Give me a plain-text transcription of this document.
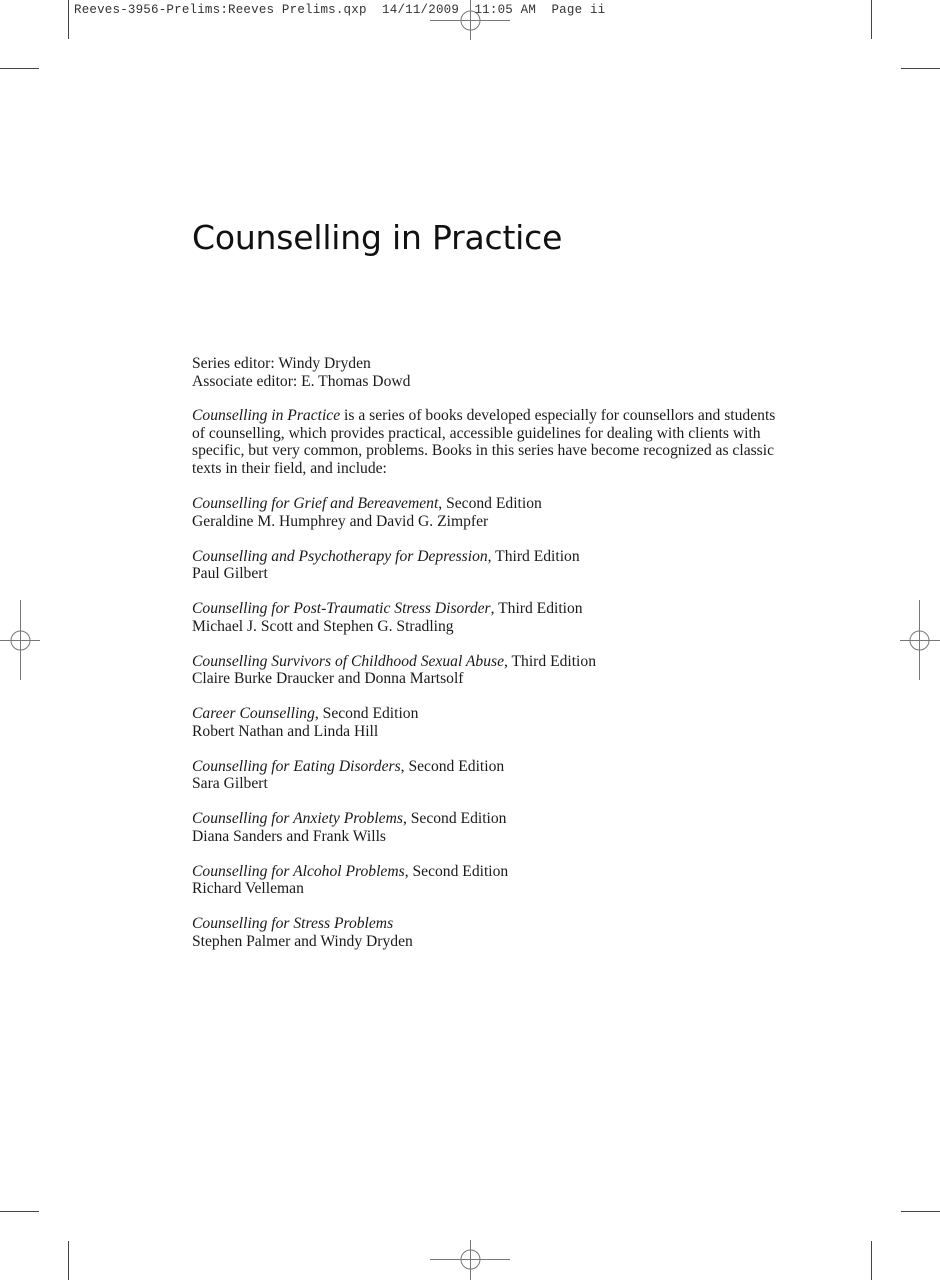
Reeves-3956-Prelims:Reeves Prelims.qxp  14/11/2009  11:05 AM  Page ii
Counselling in Practice
Series editor: Windy Dryden
Associate editor: E. Thomas Dowd

Counselling in Practice is a series of books developed especially for counsellors and students of counselling, which provides practical, accessible guidelines for dealing with clients with specific, but very common, problems. Books in this series have become recognized as classic texts in their field, and include:

Counselling for Grief and Bereavement, Second Edition
Geraldine M. Humphrey and David G. Zimpfer
Counselling and Psychotherapy for Depression, Third Edition
Paul Gilbert
Counselling for Post-Traumatic Stress Disorder, Third Edition
Michael J. Scott and Stephen G. Stradling
Counselling Survivors of Childhood Sexual Abuse, Third Edition
Claire Burke Draucker and Donna Martsolf
Career Counselling, Second Edition
Robert Nathan and Linda Hill
Counselling for Eating Disorders, Second Edition
Sara Gilbert
Counselling for Anxiety Problems, Second Edition
Diana Sanders and Frank Wills
Counselling for Alcohol Problems, Second Edition
Richard Velleman
Counselling for Stress Problems
Stephen Palmer and Windy Dryden
